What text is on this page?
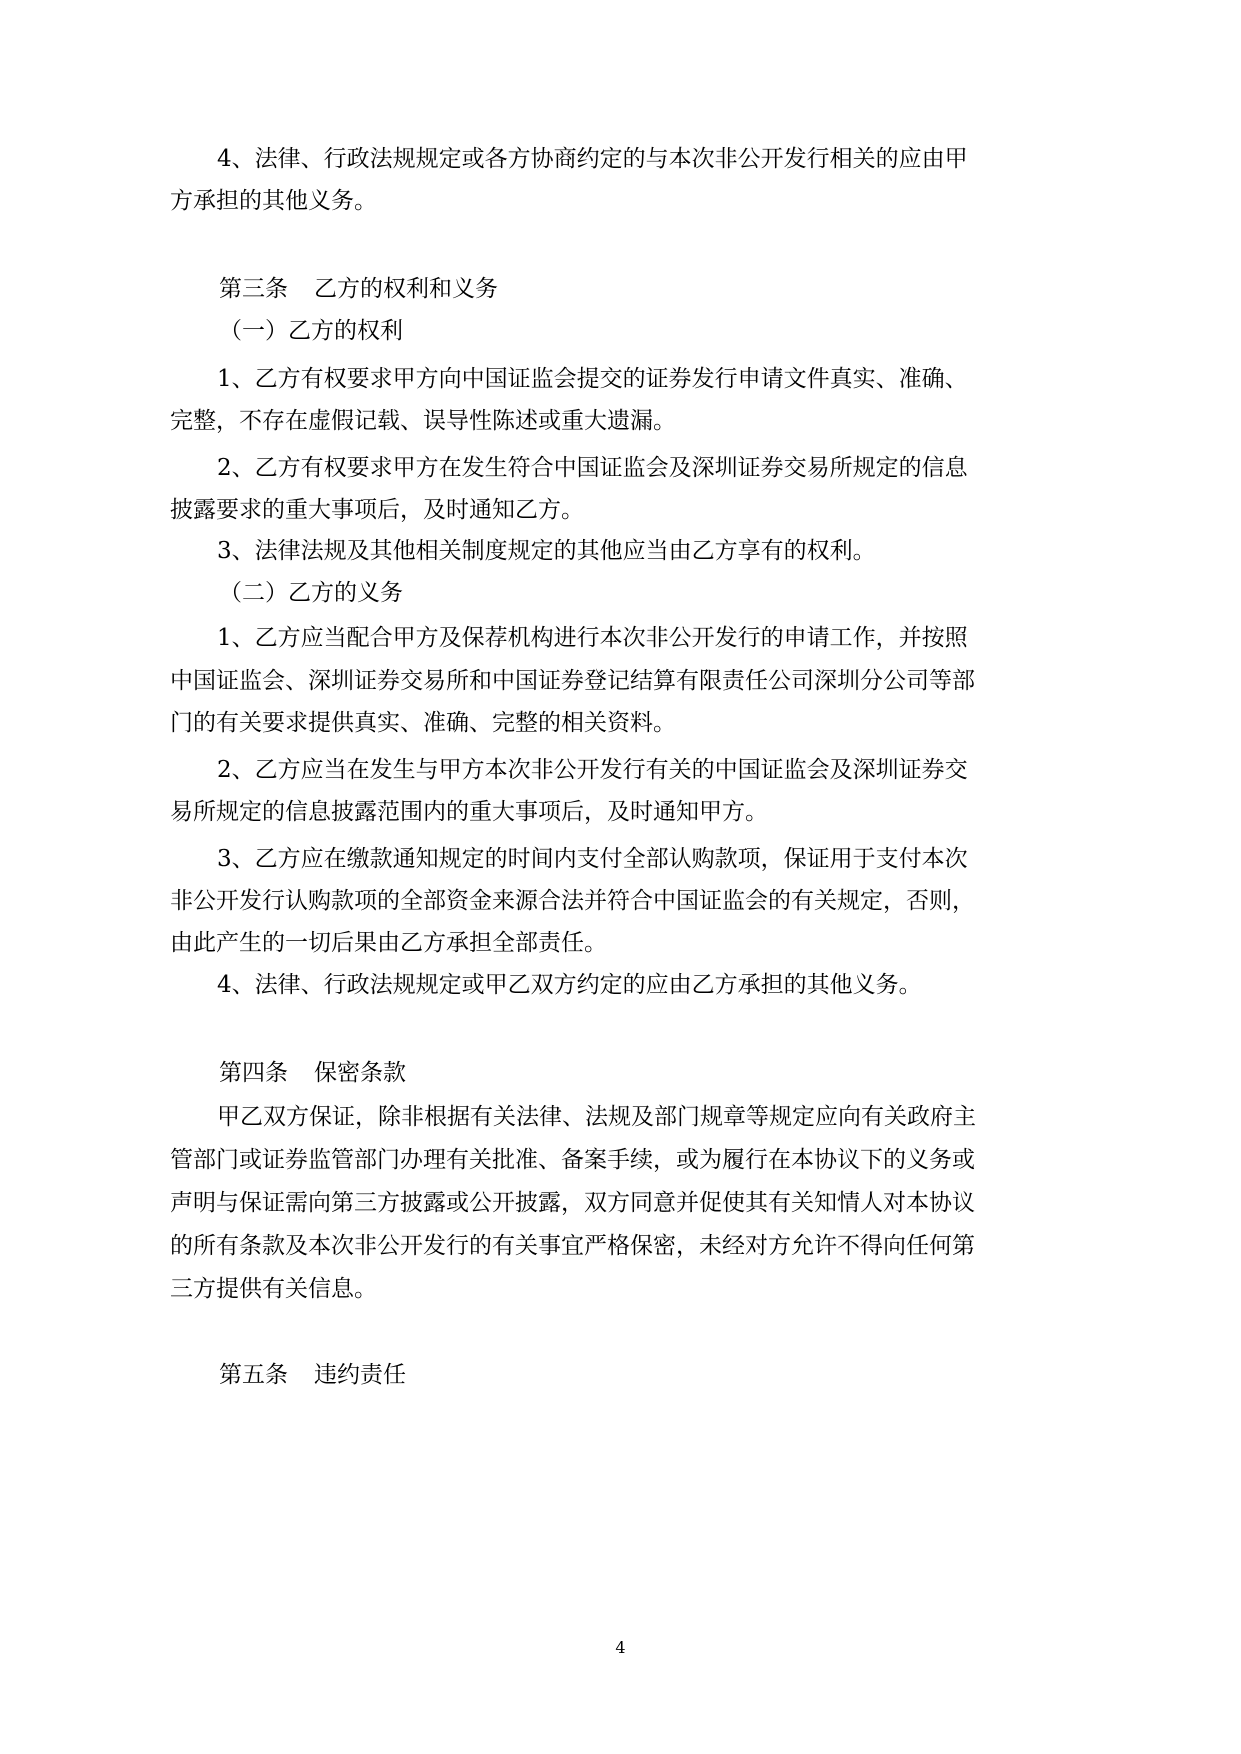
4、法律、行政法规规定或各方协商约定的与本次非公开发行相关的应由甲
方承担的其他义务。
第三条 乙方的权利和义务
（一）乙方的权利
1、乙方有权要求甲方向中国证监会提交的证券发行申请文件真实、准确、
完整，不存在虚假记载、误导性陈述或重大遗漏。
2、乙方有权要求甲方在发生符合中国证监会及深圳证券交易所规定的信息
披露要求的重大事项后，及时通知乙方。
3、法律法规及其他相关制度规定的其他应当由乙方享有的权利。
（二）乙方的义务
1、乙方应当配合甲方及保荐机构进行本次非公开发行的申请工作，并按照
中国证监会、深圳证券交易所和中国证券登记结算有限责任公司深圳分公司等部
门的有关要求提供真实、准确、完整的相关资料。
2、乙方应当在发生与甲方本次非公开发行有关的中国证监会及深圳证券交
易所规定的信息披露范围内的重大事项后，及时通知甲方。
3、乙方应在缴款通知规定的时间内支付全部认购款项，保证用于支付本次
非公开发行认购款项的全部资金来源合法并符合中国证监会的有关规定，否则，
由此产生的一切后果由乙方承担全部责任。
4、法律、行政法规规定或甲乙双方约定的应由乙方承担的其他义务。
第四条 保密条款
甲乙双方保证，除非根据有关法律、法规及部门规章等规定应向有关政府主
管部门或证券监管部门办理有关批准、备案手续，或为履行在本协议下的义务或
声明与保证需向第三方披露或公开披露，双方同意并促使其有关知情人对本协议
的所有条款及本次非公开发行的有关事宜严格保密，未经对方允许不得向任何第
三方提供有关信息。
第五条 违约责任
4
